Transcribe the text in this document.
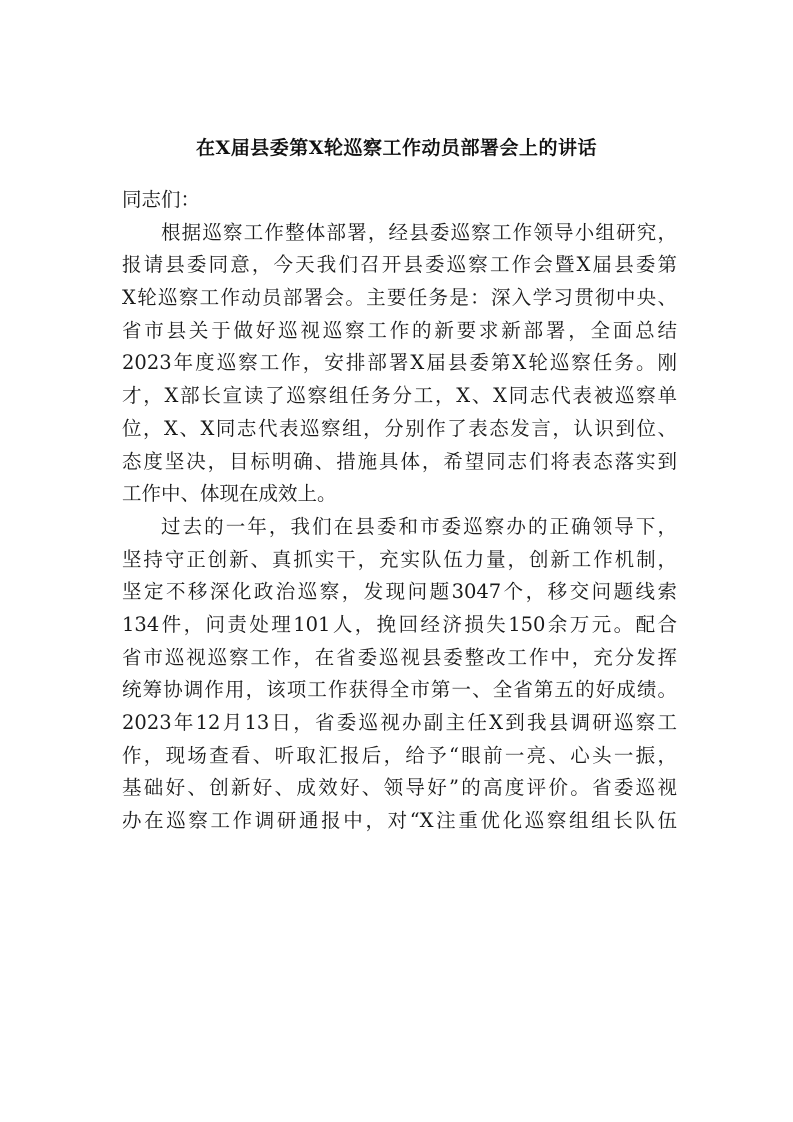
在X届县委第X轮巡察工作动员部署会上的讲话
同志们：
根据巡察工作整体部署，经县委巡察工作领导小组研究，
报请县委同意，今天我们召开县委巡察工作会暨X届县委第
X轮巡察工作动员部署会。主要任务是：深入学习贯彻中央、
省市县关于做好巡视巡察工作的新要求新部署，全面总结
2023年度巡察工作，安排部署X届县委第X轮巡察任务。刚
才，X部长宣读了巡察组任务分工，X、X同志代表被巡察单
位，X、X同志代表巡察组，分别作了表态发言，认识到位、
态度坚决，目标明确、措施具体，希望同志们将表态落实到
工作中、体现在成效上。
过去的一年，我们在县委和市委巡察办的正确领导下，
坚持守正创新、真抓实干，充实队伍力量，创新工作机制，
坚定不移深化政治巡察，发现问题3047个，移交问题线索
134件，问责处理101人，挽回经济损失150余万元。配合
省市巡视巡察工作，在省委巡视县委整改工作中，充分发挥
统筹协调作用，该项工作获得全市第一、全省第五的好成绩。
2023年12月13日，省委巡视办副主任X到我县调研巡察工
作，现场查看、听取汇报后，给予“眼前一亮、心头一振，
基础好、创新好、成效好、领导好”的高度评价。省委巡视
办在巡察工作调研通报中，对“X注重优化巡察组组长队伍
